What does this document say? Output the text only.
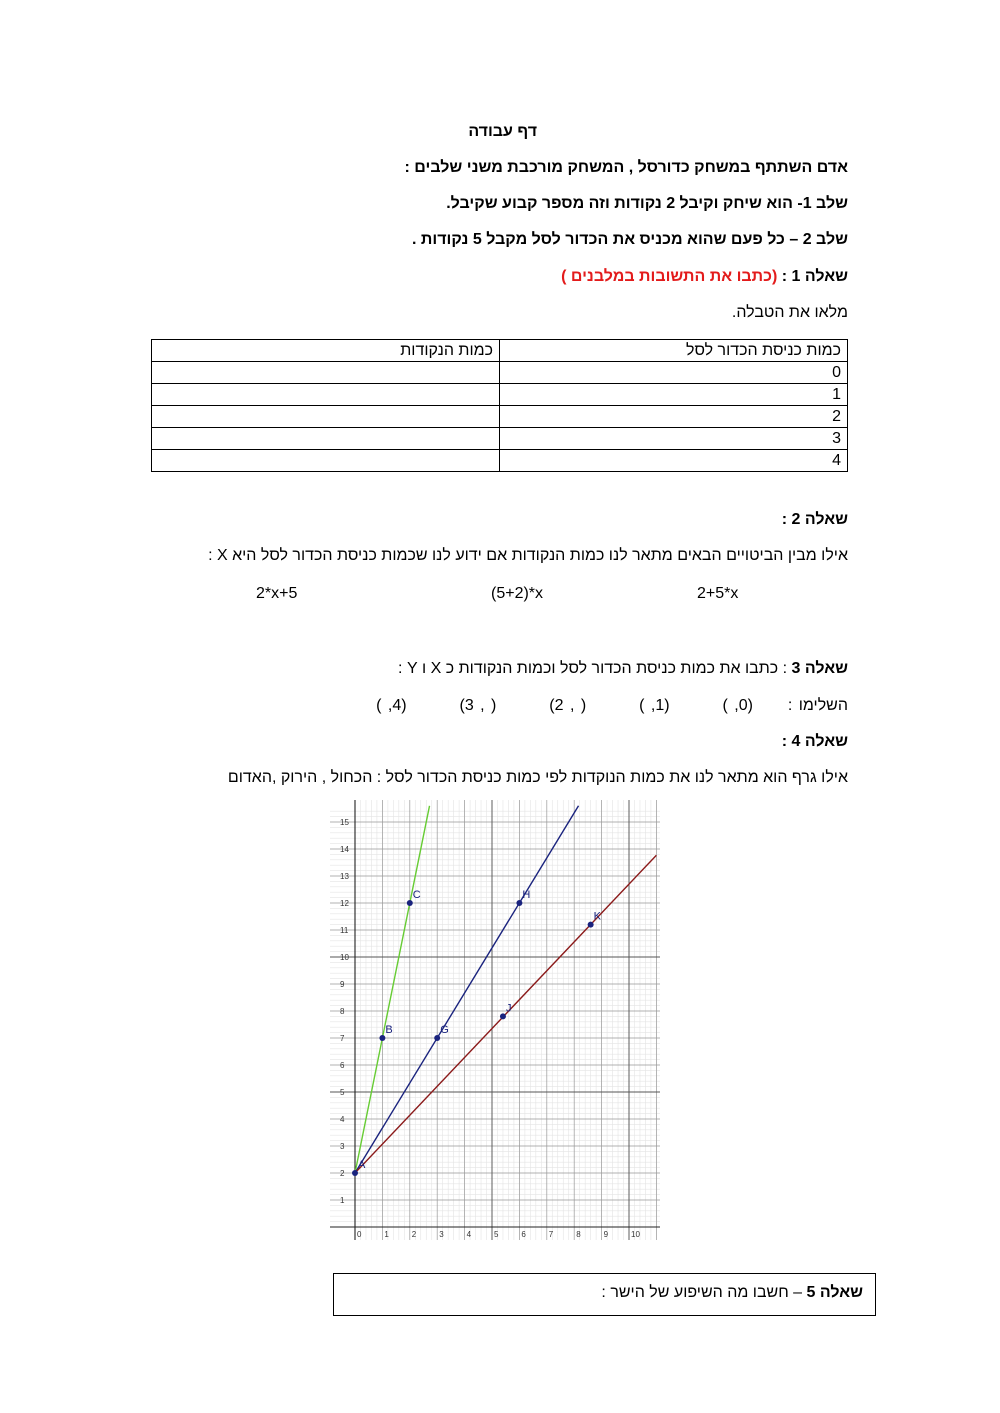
דף עבודה
אדם השתתף במשחק כדורסל , המשחק מורכבת משני שלבים :
שלב 1- הוא שיחק וקיבל 2 נקודות וזה מספר קבוע שקיבל.
שלב 2 – כל פעם שהוא מכניס את הכדור לסל מקבל 5 נקודות .
שאלה 1 : (כתבו את התשובות במלבנים )
מלאו את הטבלה.
כמות כניסת הכדור לסל	כמות הנקודות
0	
1	
2	
3	
4	
שאלה 2 :
אילו מבין הביטויים הבאים מתאר לנו כמות הנקודות אם ידוע לנו שכמות כניסת הכדור לסל היא X :
2*x+5	(5+2)*x	2+5*x
שאלה 3 : כתבו את כמות כניסת הכדור לסל וכמות הנקודות כ X ו Y :
השלימו :  (0, )  (1, )  ( , 2)  ( , 3)  (4, )
שאלה 4 :
אילו גרף הוא מתאר לנו את כמות הנוקדות לפי כמות כניסת הכדור לסל : הכחול , הירוק ,האדום
0	1	2	3	4	5	6	7	8	9	10
1
2
3
4
5
6
7
8
9
10
11
12
13
14
15
A
B
C
G
H
J
K
שאלה 5 – חשבו מה השיפוע של הישר :
